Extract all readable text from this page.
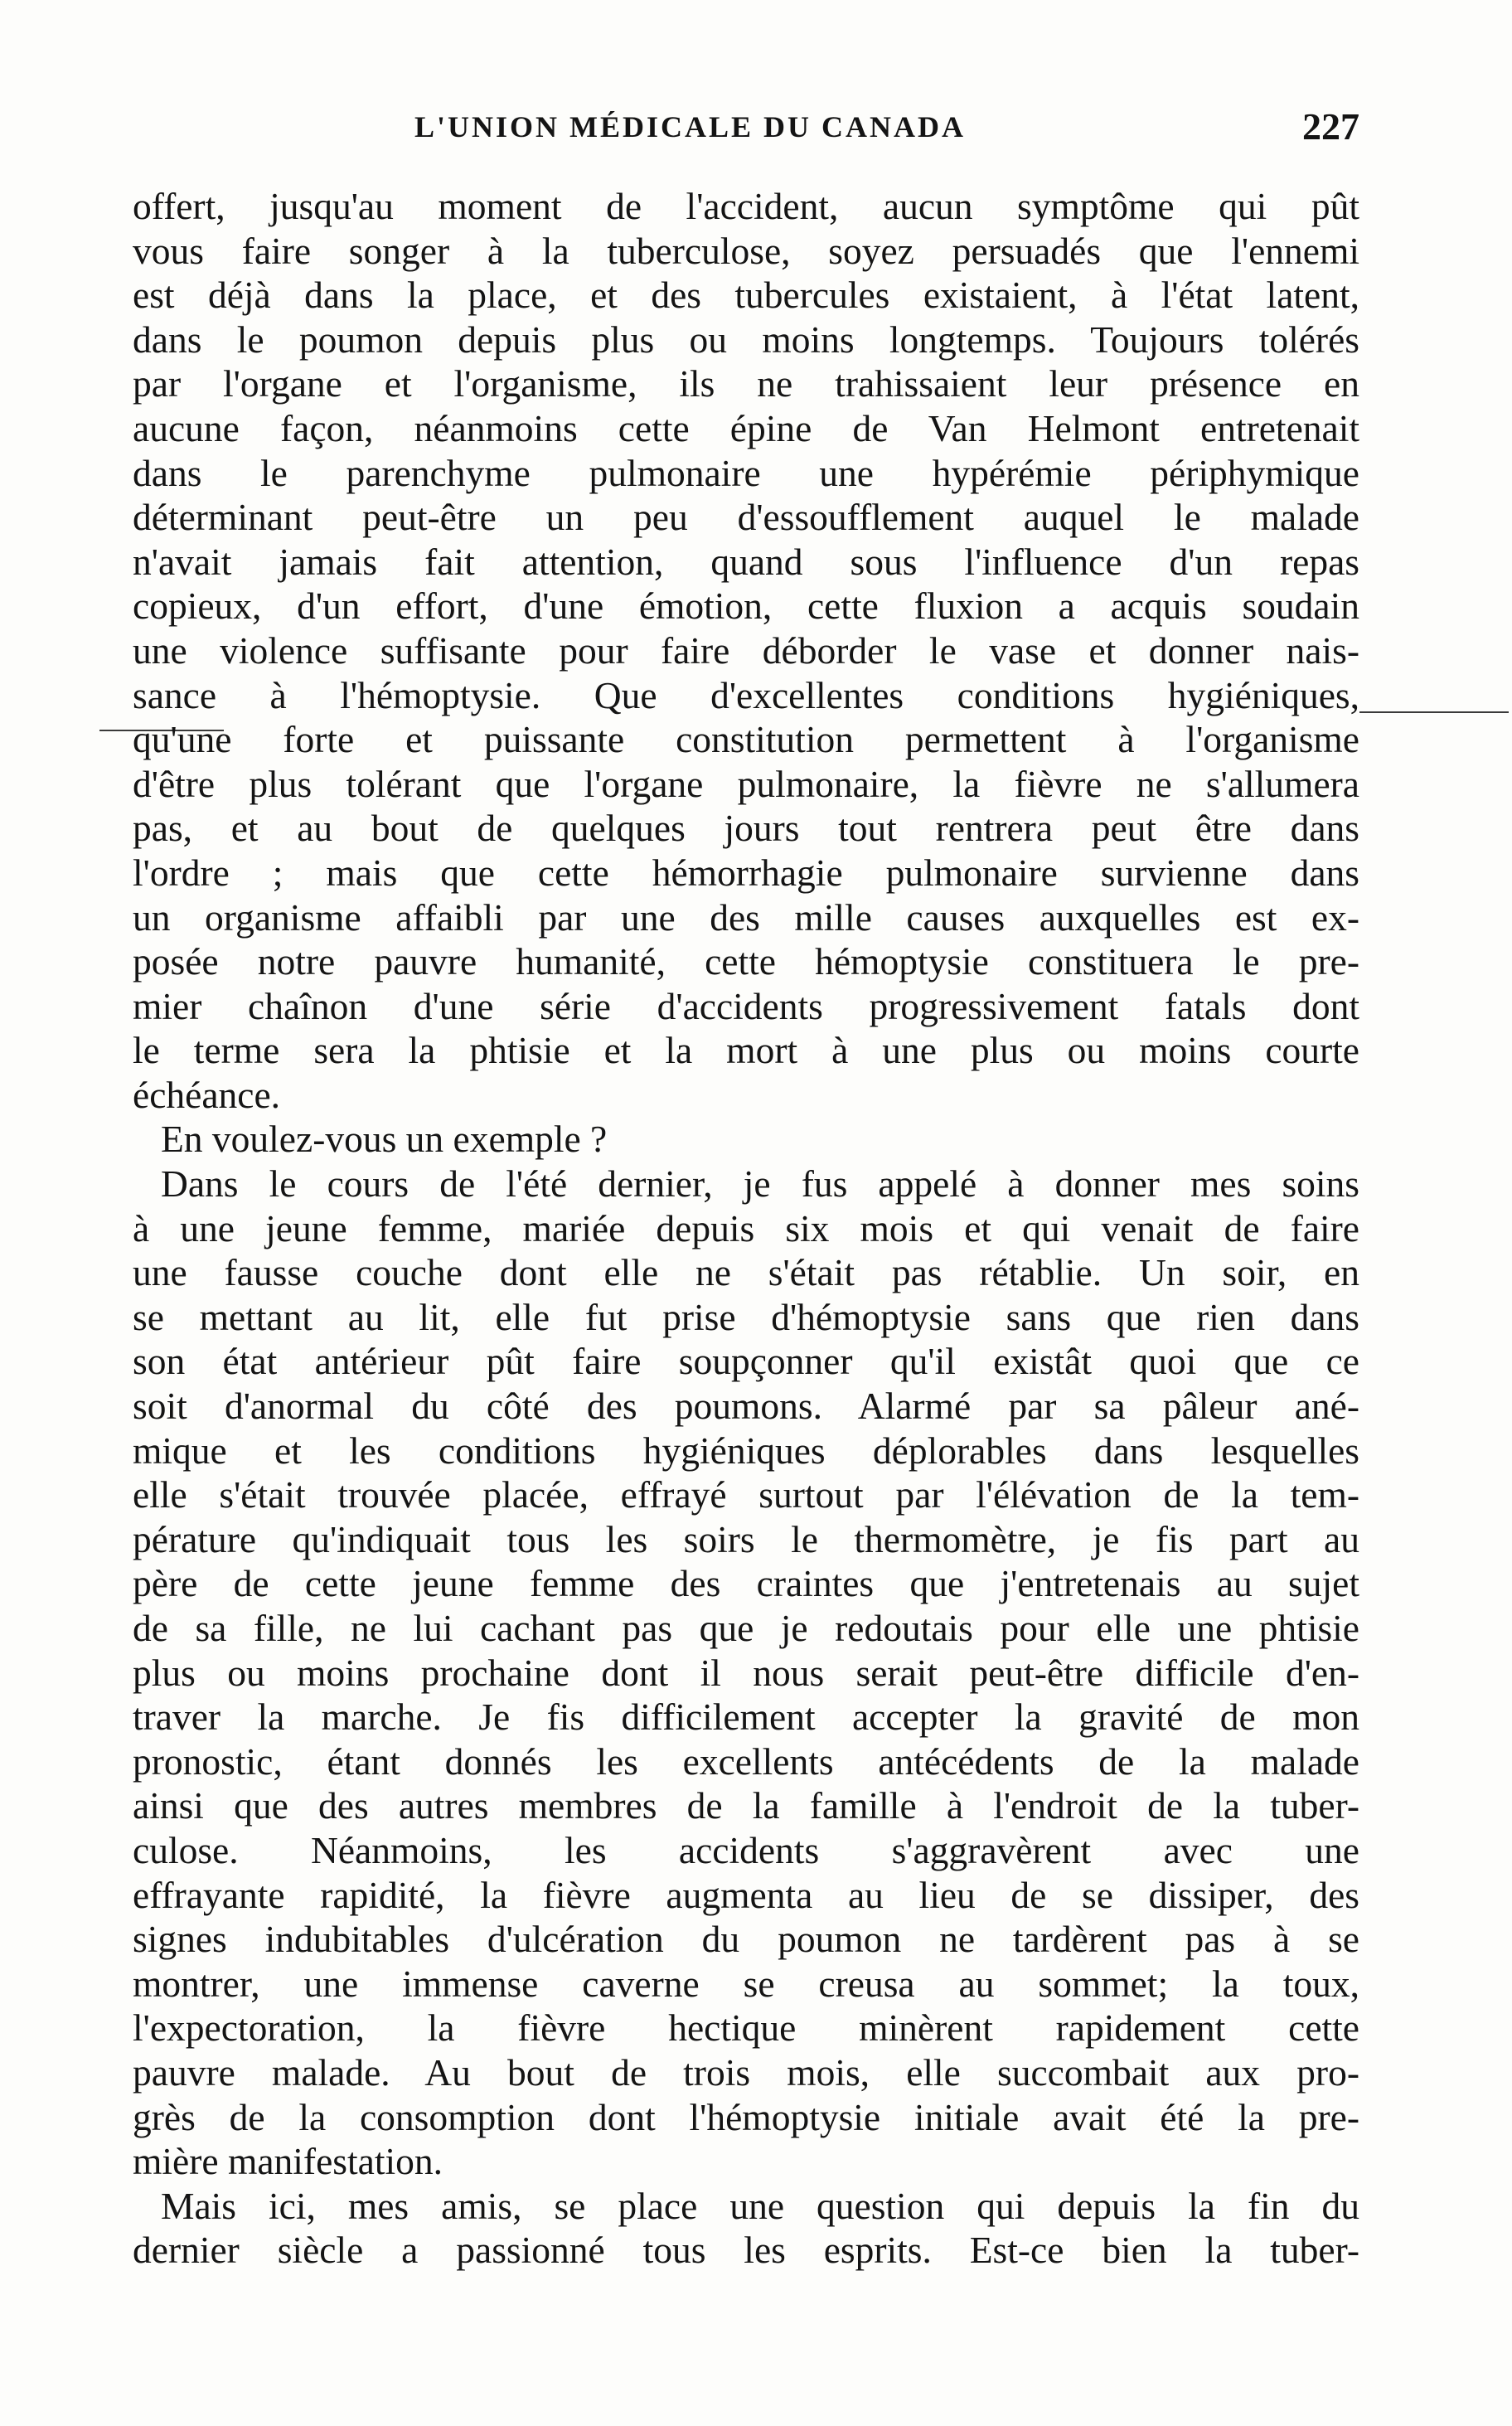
L'UNION MÉDICALE DU CANADA	227
offert, jusqu'au moment de l'accident, aucun symptôme qui pût
vous faire songer à la tuberculose, soyez persuadés que l'ennemi
est déjà dans la place, et des tubercules existaient, à l'état latent,
dans le poumon depuis plus ou moins longtemps. Toujours tolérés
par l'organe et l'organisme, ils ne trahissaient leur présence en
aucune façon, néanmoins cette épine de Van Helmont entretenait
dans le parenchyme pulmonaire une hypérémie périphymique
déterminant peut-être un peu d'essoufflement auquel le malade
n'avait jamais fait attention, quand sous l'influence d'un repas
copieux, d'un effort, d'une émotion, cette fluxion a acquis soudain
une violence suffisante pour faire déborder le vase et donner nais-
sance à l'hémoptysie. Que d'excellentes conditions hygiéniques,
qu'une forte et puissante constitution permettent à l'organisme
d'être plus tolérant que l'organe pulmonaire, la fièvre ne s'allumera
pas, et au bout de quelques jours tout rentrera peut être dans
l'ordre ; mais que cette hémorrhagie pulmonaire survienne dans
un organisme affaibli par une des mille causes auxquelles est ex-
posée notre pauvre humanité, cette hémoptysie constituera le pre-
mier chaînon d'une série d'accidents progressivement fatals dont
le terme sera la phtisie et la mort à une plus ou moins courte
échéance.
En voulez-vous un exemple ?
Dans le cours de l'été dernier, je fus appelé à donner mes soins
à une jeune femme, mariée depuis six mois et qui venait de faire
une fausse couche dont elle ne s'était pas rétablie. Un soir, en
se mettant au lit, elle fut prise d'hémoptysie sans que rien dans
son état antérieur pût faire soupçonner qu'il existât quoi que ce
soit d'anormal du côté des poumons. Alarmé par sa pâleur ané-
mique et les conditions hygiéniques déplorables dans lesquelles
elle s'était trouvée placée, effrayé surtout par l'élévation de la tem-
pérature qu'indiquait tous les soirs le thermomètre, je fis part au
père de cette jeune femme des craintes que j'entretenais au sujet
de sa fille, ne lui cachant pas que je redoutais pour elle une phtisie
plus ou moins prochaine dont il nous serait peut-être difficile d'en-
traver la marche. Je fis difficilement accepter la gravité de mon
pronostic, étant donnés les excellents antécédents de la malade
ainsi que des autres membres de la famille à l'endroit de la tuber-
culose. Néanmoins, les accidents s'aggravèrent avec une
effrayante rapidité, la fièvre augmenta au lieu de se dissiper, des
signes indubitables d'ulcération du poumon ne tardèrent pas à se
montrer, une immense caverne se creusa au sommet; la toux,
l'expectoration, la fièvre hectique minèrent rapidement cette
pauvre malade. Au bout de trois mois, elle succombait aux pro-
grès de la consomption dont l'hémoptysie initiale avait été la pre-
mière manifestation.
Mais ici, mes amis, se place une question qui depuis la fin du
dernier siècle a passionné tous les esprits. Est-ce bien la tuber-
